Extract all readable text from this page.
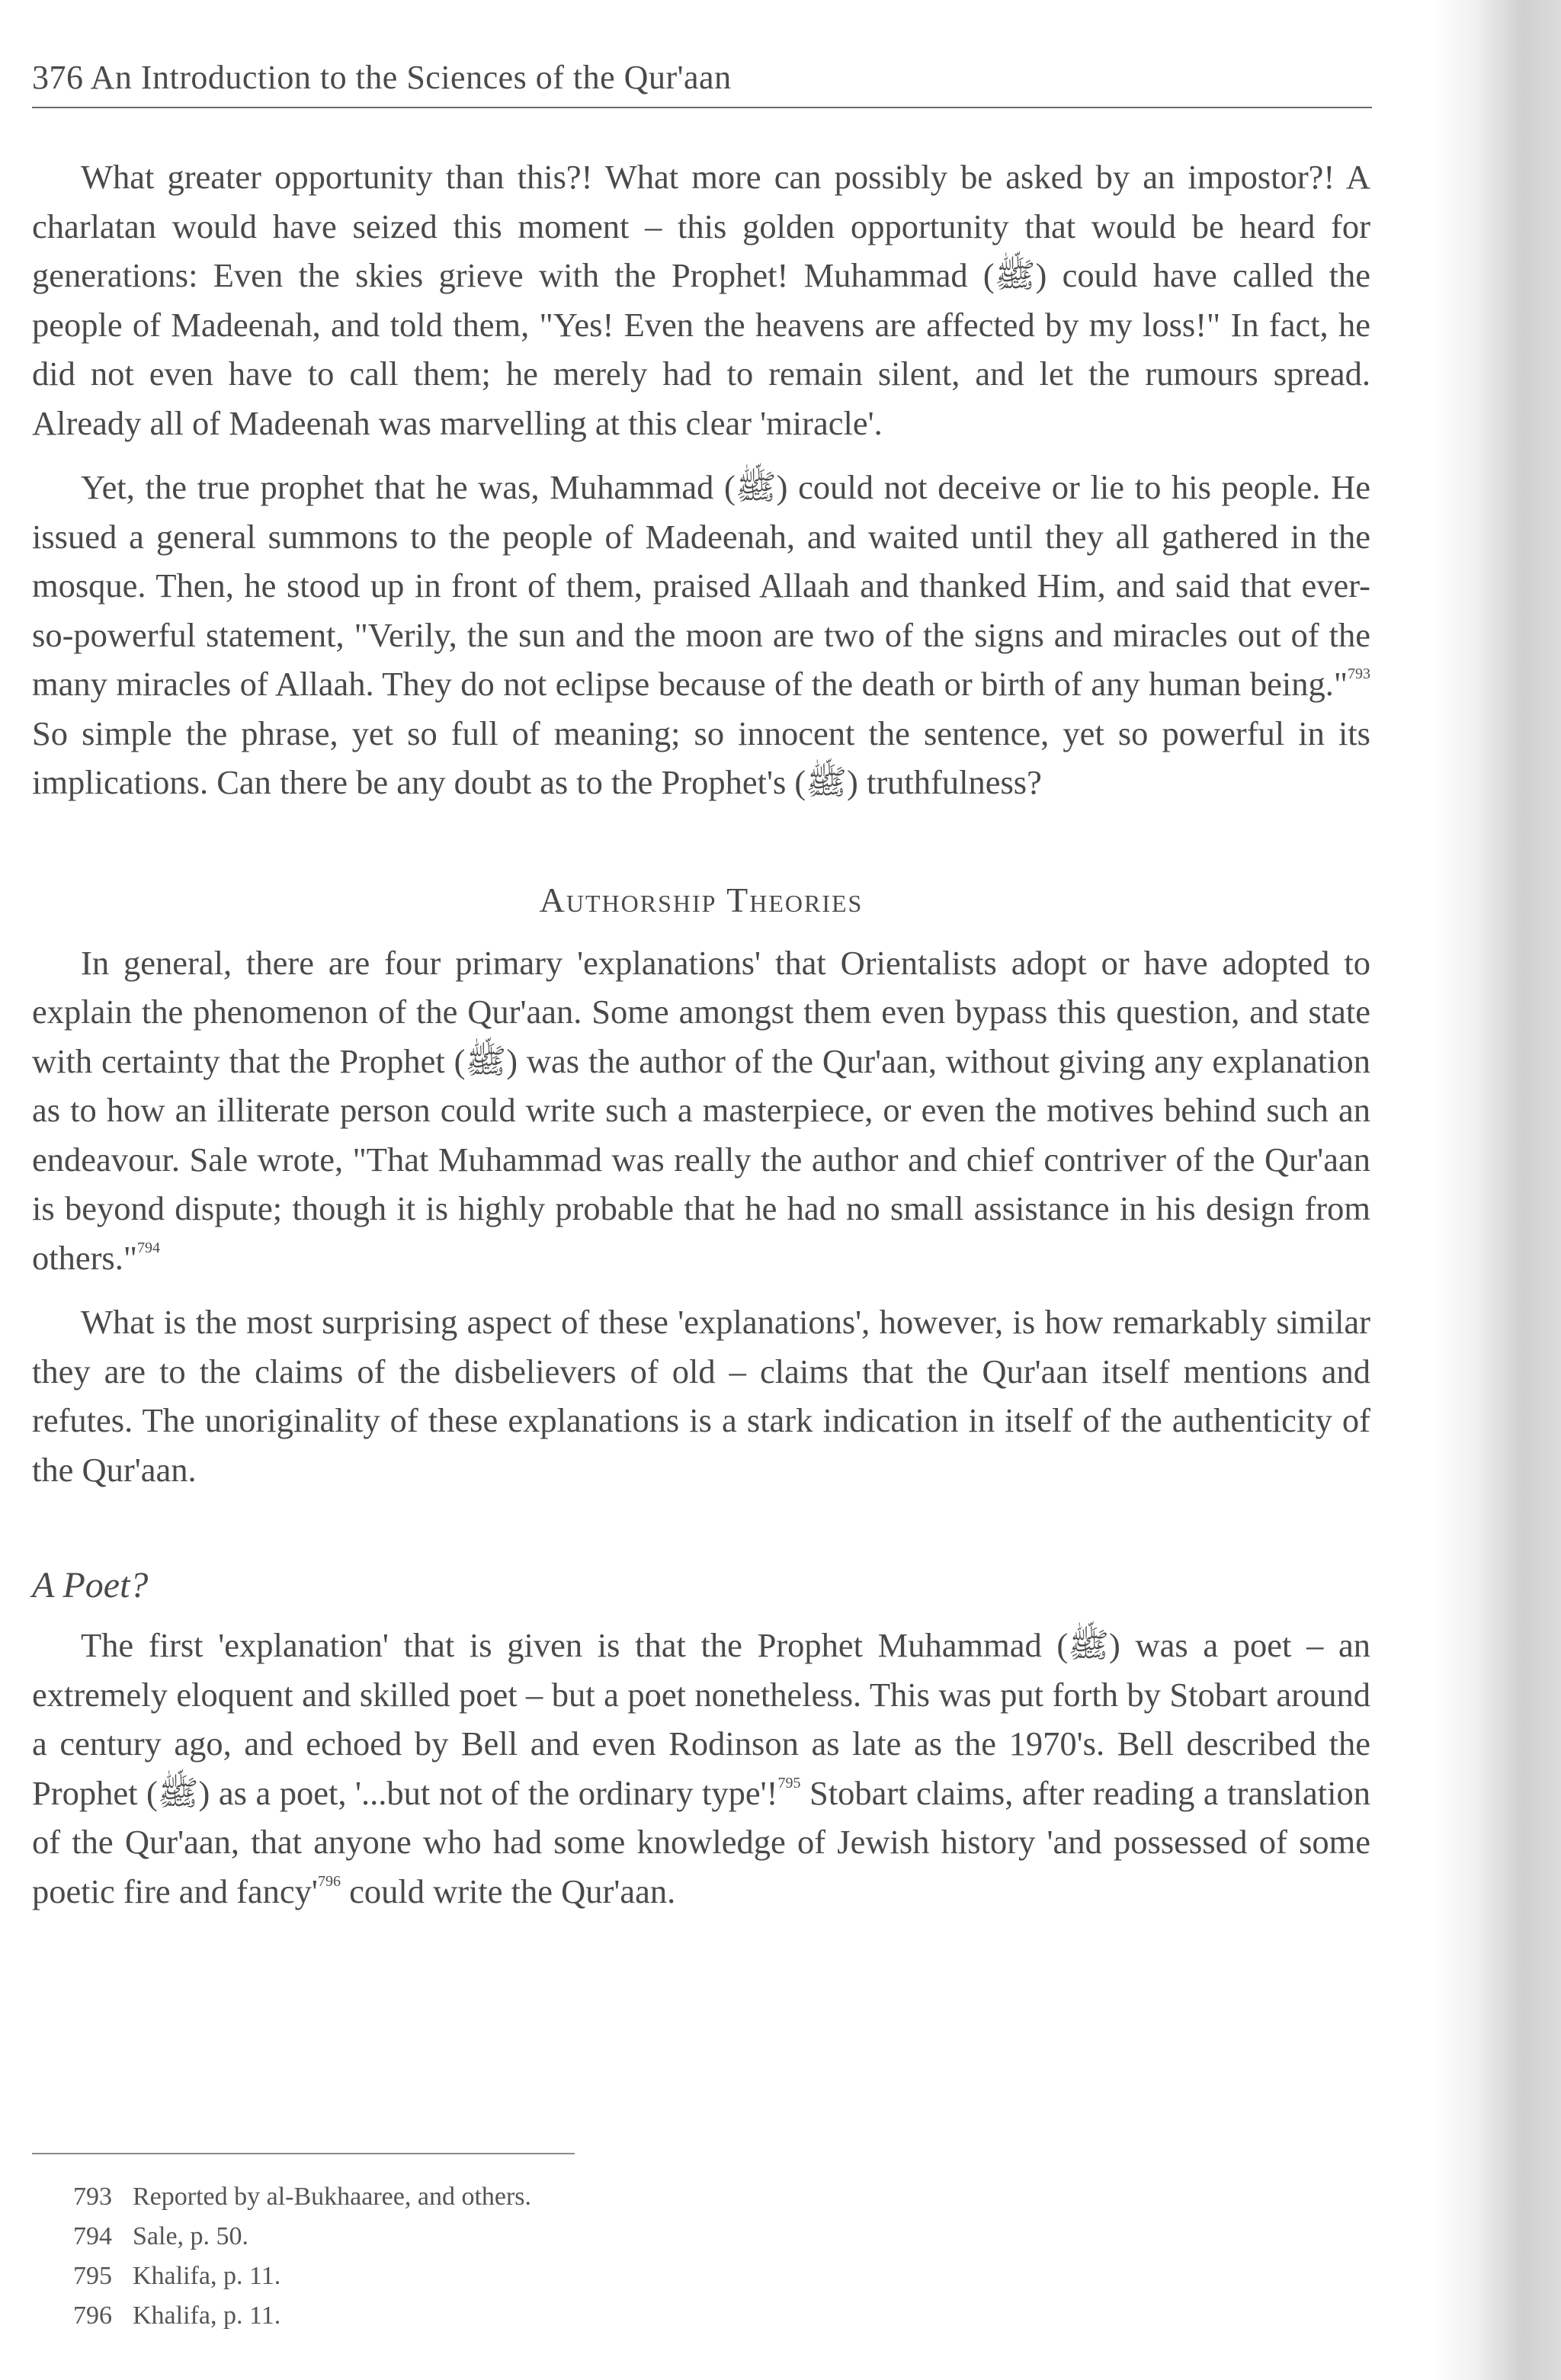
376 An Introduction to the Sciences of the Qur'aan

What greater opportunity than this?! What more can possibly be asked by an impostor?! A charlatan would have seized this moment – this golden opportunity that would be heard for generations: Even the skies grieve with the Prophet! Muhammad (ﷺ) could have called the people of Madeenah, and told them, "Yes! Even the heavens are affected by my loss!" In fact, he did not even have to call them; he merely had to remain silent, and let the rumours spread. Already all of Madeenah was marvelling at this clear 'miracle'.

Yet, the true prophet that he was, Muhammad (ﷺ) could not deceive or lie to his people. He issued a general summons to the people of Madeenah, and waited until they all gathered in the mosque. Then, he stood up in front of them, praised Allaah and thanked Him, and said that ever-so-powerful statement, "Verily, the sun and the moon are two of the signs and miracles out of the many miracles of Allaah. They do not eclipse because of the death or birth of any human being."$^{793}$ So simple the phrase, yet so full of meaning; so innocent the sentence, yet so powerful in its implications. Can there be any doubt as to the Prophet's (ﷺ) truthfulness?

Authorship Theories

In general, there are four primary 'explanations' that Orientalists adopt or have adopted to explain the phenomenon of the Qur'aan. Some amongst them even bypass this question, and state with certainty that the Prophet (ﷺ) was the author of the Qur'aan, without giving any explanation as to how an illiterate person could write such a masterpiece, or even the motives behind such an endeavour. Sale wrote, "That Muhammad was really the author and chief contriver of the Qur'aan is beyond dispute; though it is highly probable that he had no small assistance in his design from others."$^{794}$

What is the most surprising aspect of these 'explanations', however, is how remarkably similar they are to the claims of the disbelievers of old – claims that the Qur'aan itself mentions and refutes. The unoriginality of these explanations is a stark indication in itself of the authenticity of the Qur'aan.

A Poet?

The first 'explanation' that is given is that the Prophet Muhammad (ﷺ) was a poet – an extremely eloquent and skilled poet – but a poet nonetheless. This was put forth by Stobart around a century ago, and echoed by Bell and even Rodinson as late as the 1970's. Bell described the Prophet (ﷺ) as a poet, '...but not of the ordinary type'!$^{795}$ Stobart claims, after reading a translation of the Qur'aan, that anyone who had some knowledge of Jewish history 'and possessed of some poetic fire and $fancy'^{796}$ could write the Qur'aan.

793 Reported by al-Bukhaaree, and others.
794 Sale, p. 50.
795 Khalifa, p. 11.
796 Khalifa, p. 11.
